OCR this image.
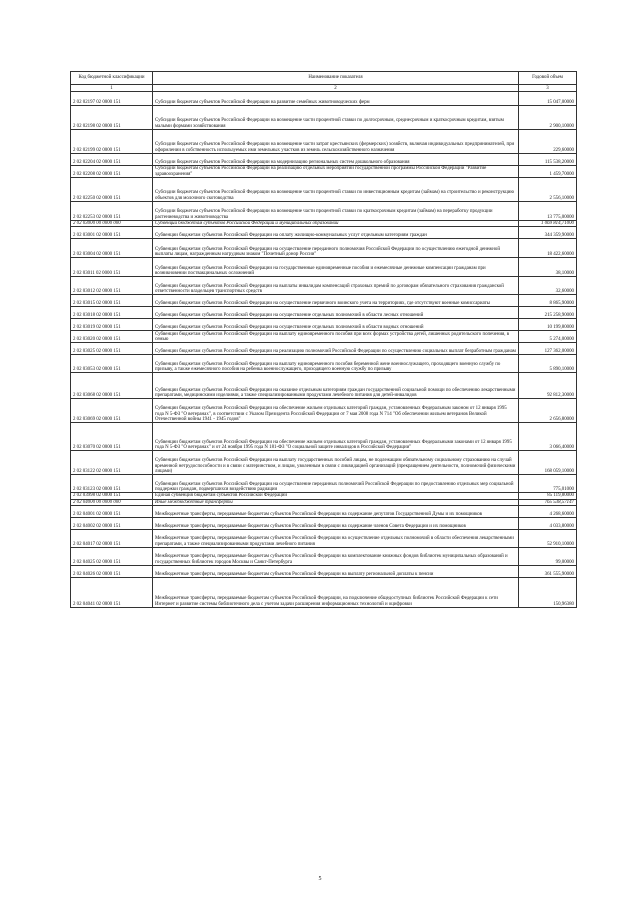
Код бюджетной классификации	Наименование показателя	Годовой объем
1	2	3
2 02 02197 02 0000 151	Субсидии бюджетам субъектов Российской Федерации на развитие семейных животноводческих ферм	15 047,00000
2 02 02198 02 0000 151	Субсидии бюджетам субъектов Российской Федерации на возмещение части процентной ставки по долгосрочным, среднесрочным и краткосрочным кредитам, взятым малыми формами хозяйствования	2 900,10000
2 02 02199 02 0000 151	Субсидии бюджетам субъектов Российской Федерации на возмещение части затрат крестьянских (фермерских) хозяйств, включая индивидуальных предпринимателей, при оформлении в собственность используемых ими земельных участков из земель сельскохозяйственного назначения	229,60000
2 02 02204 02 0000 151	Субсидии бюджетам субъектов Российской Федерации на модернизацию региональных систем дошкольного образования	115 538,20000
2 02 02208 02 0000 151	Субсидии бюджетам субъектов Российской Федерации на реализацию отдельных мероприятий государственной программы Российской Федерации "Развитие здравоохранения"	1 459,70000
2 02 02250 02 0000 151	Субсидии бюджетам субъектов Российской Федерации на возмещение части процентной ставки по инвестиционным кредитам (займам) на строительство и реконструкцию объектов для молочного скотоводства	2 556,10000
2 02 02253 02 0000 151	Субсидии бюджетам субъектов Российской Федерации на возмещение части процентной ставки по краткосрочным кредитам (займам) на переработку продукции растениеводства и животноводства	13 775,00000
2 02 03000 00 0000 000	Субвенции бюджетам субъектов Российской Федерации и муниципальных образований	1 069 814,71000
2 02 03001 02 0000 151	Субвенции бюджетам субъектов Российской Федерации на оплату жилищно-коммунальных услуг отдельным категориям граждан	344 359,90000
2 02 03004 02 0000 151	Субвенции бюджетам субъектов Российской Федерации на осуществление переданного полномочия Российской Федерации по осуществлению ежегодной денежной выплаты лицам, награжденным нагрудным знаком "Почетный донор России"	18 422,60000
2 02 03011 02 0000 151	Субвенции бюджетам субъектов Российской Федерации на государственные единовременные пособия и ежемесячные денежные компенсации гражданам при возникновении поствакцинальных осложнений	38,10000
2 02 03012 02 0000 151	Субвенции бюджетам субъектов Российской Федерации на выплаты инвалидам компенсаций страховых премий по договорам обязательного страхования гражданской ответственности владельцев транспортных средств	32,60000
2 02 03015 02 0000 151	Субвенции бюджетам субъектов Российской Федерации на осуществление первичного воинского учета на территориях, где отсутствуют военные комиссариаты	8 865,90000
2 02 03018 02 0000 151	Субвенции бюджетам субъектов Российской Федерации на осуществление отдельных полномочий в области лесных отношений	215 258,90000
2 02 03019 02 0000 151	Субвенции бюджетам субъектов Российской Федерации на осуществление отдельных полномочий в области водных отношений	10 199,80000
2 02 03020 02 0000 151	Субвенции бюджетам субъектов Российской Федерации на выплату единовременного пособия при всех формах устройства детей, лишенных родительского попечения, в семью	5 274,00000
2 02 03025 02 0000 151	Субвенции бюджетам субъектов Российской Федерации на реализацию полномочий Российской Федерации по осуществлению социальных выплат безработным гражданам	127 362,00000
2 02 03053 02 0000 151	Субвенции бюджетам субъектов Российской Федерации на выплату единовременного пособия беременной жене военнослужащего, проходящего военную службу по призыву, а также ежемесячного пособия на ребенка военнослужащего, проходящего военную службу по призыву	5 890,10000
2 02 03068 02 0000 151	Субвенции бюджетам субъектов Российской Федерации на оказание отдельным категориям граждан государственной социальной помощи по обеспечению лекарственными препаратами, медицинскими изделиями, а также специализированными продуктами лечебного питания для детей-инвалидов	92 812,30000
2 02 03069 02 0000 151	Субвенции бюджетам субъектов Российской Федерации на обеспечение жильем отдельных категорий граждан, установленных Федеральным законом от 12 января 1995 года N 5-ФЗ "О ветеранах", в соответствии с Указом Президента Российской Федерации от 7 мая 2008 года N 714 "Об обеспечении жильем ветеранов Великой Отечественной войны 1941 - 1945 годов"	2 656,80000
2 02 03070 02 0000 151	Субвенции бюджетам субъектов Российской Федерации на обеспечение жильем отдельных категорий граждан, установленных Федеральными законами от 12 января 1995 года N 5-ФЗ "О ветеранах" и от 24 ноября 1995 года N 181-ФЗ "О социальной защите инвалидов в Российской Федерации"	3 066,40000
2 02 03122 02 0000 151	Субвенции бюджетам субъектов Российской Федерации на выплату государственных пособий лицам, не подлежащим обязательному социальному страхованию на случай временной нетрудоспособности и в связи с материнством, и лицам, уволенным в связи с ликвидацией организаций (прекращением деятельности, полномочий физическими лицами)	168 059,10000
2 02 03123 02 0000 151	Субвенции бюджетам субъектов Российской Федерации на осуществление переданных полномочий Российской Федерации по предоставлению отдельных мер социальной поддержки граждан, подвергшихся воздействию радиации	775,01000
2 02 03998 02 0000 151	Единая субвенция бюджетам субъектов Российской Федерации	85 119,80000
2 02 04000 00 0000 000	Иные межбюджетные трансферты	765 538,57147
2 02 04001 02 0000 151	Межбюджетные трансферты, передаваемые бюджетам субъектов Российской Федерации на содержание депутатов Государственной Думы и их помощников	4 268,60000
2 02 04002 02 0000 151	Межбюджетные трансферты, передаваемые бюджетам субъектов Российской Федерации на содержание членов Совета Федерации и их помощников	4 033,80000
2 02 04017 02 0000 151	Межбюджетные трансферты, передаваемые бюджетам субъектов Российской Федерации на осуществление отдельных полномочий в области обеспечения лекарственными препаратами, а также специализированными продуктами лечебного питания	52 910,10000
2 02 04025 02 0000 151	Межбюджетные трансферты, передаваемые бюджетам субъектов Российской Федерации на комплектование книжных фондов библиотек муниципальных образований и государственных библиотек городов Москвы и Санкт-Петербурга	99,00000
2 02 04026 02 0000 151	Межбюджетные трансферты, передаваемые бюджетам субъектов Российской Федерации на выплату региональной доплаты к пенсии	361 555,90000
2 02 04041 02 0000 151	Межбюджетные трансферты, передаваемые бюджетам субъектов Российской Федерации, на подключение общедоступных библиотек Российской Федерации к сети Интернет и развитие системы библиотечного дела с учетом задачи расширения информационных технологий и оцифровки	150,96380
5
